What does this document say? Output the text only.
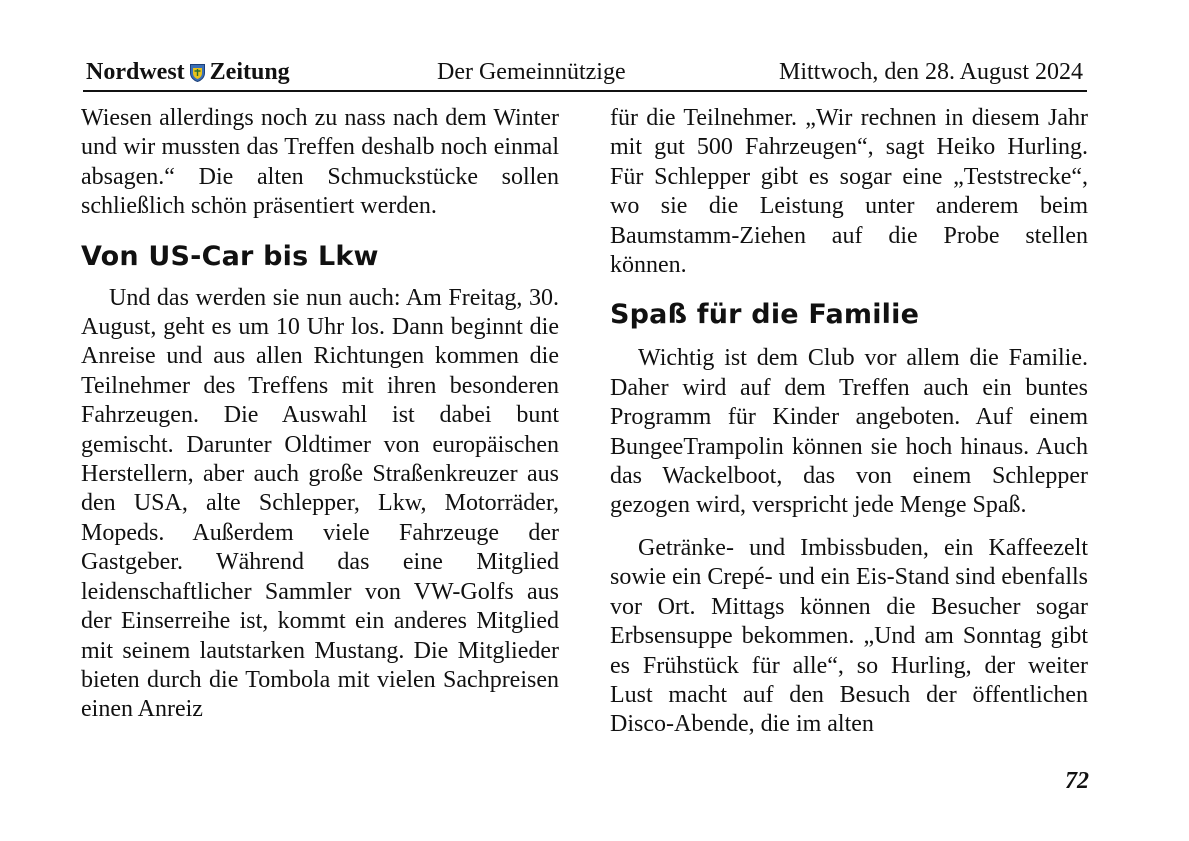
Nordwest Zeitung	Der Gemeinnützige	Mittwoch, den 28. August 2024

Wiesen allerdings noch zu nass nach dem Winter und wir mussten das Treffen deshalb noch einmal absagen.“ Die alten Schmuckstücke sollen schließlich schön präsentiert werden.

Von US-Car bis Lkw

Und das werden sie nun auch: Am Freitag, 30. August, geht es um 10 Uhr los. Dann beginnt die Anreise und aus allen Richtungen kommen die Teilnehmer des Treffens mit ihren besonderen Fahrzeugen. Die Auswahl ist dabei bunt gemischt. Darunter Oldtimer von europäischen Herstellern, aber auch große Straßenkreuzer aus den USA, alte Schlepper, Lkw, Motorräder, Mopeds. Außerdem viele Fahrzeuge der Gastgeber. Während das eine Mitglied leidenschaftlicher Sammler von VW-Golfs aus der Einserreihe ist, kommt ein anderes Mitglied mit seinem lautstarken Mustang. Die Mitglieder bieten durch die Tombola mit vielen Sachpreisen einen Anreiz

für die Teilnehmer. „Wir rechnen in diesem Jahr mit gut 500 Fahrzeugen“, sagt Heiko Hurling. Für Schlepper gibt es sogar eine „Teststrecke“, wo sie die Leistung unter anderem beim Baumstamm-Ziehen auf die Probe stellen können.

Spaß für die Familie

Wichtig ist dem Club vor allem die Familie. Daher wird auf dem Treffen auch ein buntes Programm für Kinder angeboten. Auf einem BungeeTrampolin können sie hoch hinaus. Auch das Wackelboot, das von einem Schlepper gezogen wird, verspricht jede Menge Spaß.

Getränke- und Imbissbuden, ein Kaffeezelt sowie ein Crepé- und ein Eis-Stand sind ebenfalls vor Ort. Mittags können die Besucher sogar Erbsensuppe bekommen. „Und am Sonntag gibt es Frühstück für alle“, so Hurling, der weiter Lust macht auf den Besuch der öffentlichen Disco-Abende, die im alten

72
